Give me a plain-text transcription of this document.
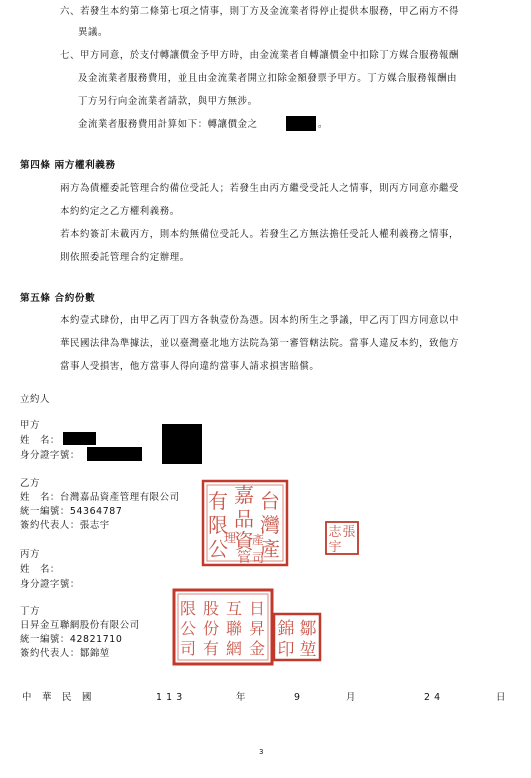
六、若發生本約第二條第七項之情事，則丁方及金流業者得停止提供本服務，甲乙兩方不得
異議。
七、甲方同意，於支付轉讓價金予甲方時，由金流業者自轉讓價金中扣除丁方媒合服務報酬
及金流業者服務費用，並且由金流業者開立扣除金額發票予甲方。丁方媒合服務報酬由
丁方另行向金流業者請款，與甲方無涉。
金流業者服務費用計算如下：轉讓價金之	。
第四條 兩方權利義務
兩方為債權委託管理合約備位受託人；若發生由丙方繼受受託人之情事，則丙方同意亦繼受
本約約定之乙方權利義務。
若本約簽訂未載丙方，則本約無備位受託人。若發生乙方無法擔任受託人權利義務之情事，
則依照委託管理合約定辦理。
第五條 合約份數
本約壹式肆份，由甲乙丙丁四方各執壹份為憑。因本約所生之爭議，甲乙丙丁四方同意以中
華民國法律為準據法，並以臺灣臺北地方法院為第一審管轄法院。當事人違反本約，致他方
當事人受損害，他方當事人得向違約當事人請求損害賠償。
立約人
甲方
姓　名：
身分證字號：
乙方
姓　名：台灣嘉品資產管理有限公司
統一編號：54364787
簽約代表人：張志宇
丙方
姓　名：
身分證字號：
丁方
日昇金互聯網股份有限公司
統一編號：42821710
簽約代表人：鄒錦堃
台
嘉
有
灣
品
限
資 產
公 管
理 產
司
張
志
宇
日
昇
金
互
聯
網
股
份
有
限
公
司
鄒
錦
堃
印
中 華 民 國	1 1 3	年	9	月	2 4	日
3
